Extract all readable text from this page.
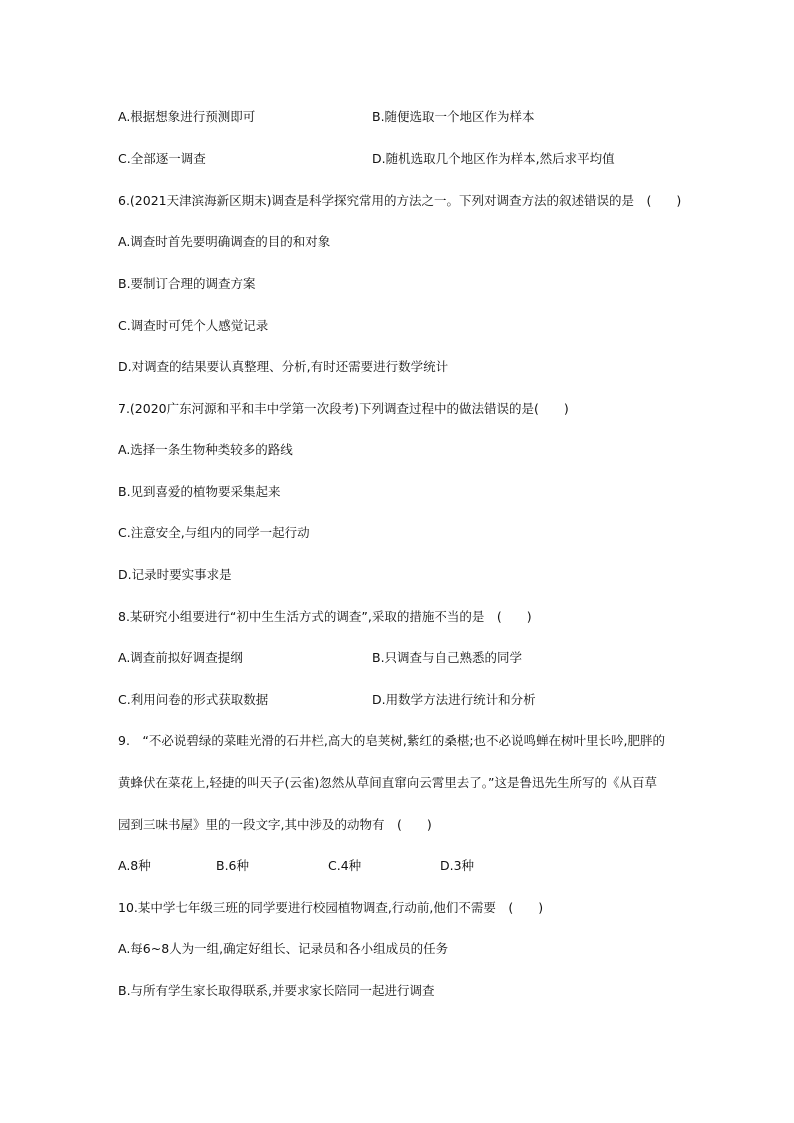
A.根据想象进行预测即可	B.随便选取一个地区作为样本
C.全部逐一调查	D.随机选取几个地区作为样本,然后求平均值
6.(2021天津滨海新区期末)调查是科学探究常用的方法之一。下列对调查方法的叙述错误的是　(　　)
A.调查时首先要明确调查的目的和对象
B.要制订合理的调查方案
C.调查时可凭个人感觉记录
D.对调查的结果要认真整理、分析,有时还需要进行数学统计
7.(2020广东河源和平和丰中学第一次段考)下列调查过程中的做法错误的是(　　)
A.选择一条生物种类较多的路线
B.见到喜爱的植物要采集起来
C.注意安全,与组内的同学一起行动
D.记录时要实事求是
8.某研究小组要进行“初中生生活方式的调查”,采取的措施不当的是　(　　)
A.调查前拟好调查提纲	B.只调查与自己熟悉的同学
C.利用问卷的形式获取数据	D.用数学方法进行统计和分析
9.　“不必说碧绿的菜畦光滑的石井栏,高大的皂荚树,紫红的桑椹;也不必说鸣蝉在树叶里长吟,肥胖的
黄蜂伏在菜花上,轻捷的叫天子(云雀)忽然从草间直窜向云霄里去了。”这是鲁迅先生所写的《从百草
园到三味书屋》里的一段文字,其中涉及的动物有　(　　)
A.8种	B.6种	C.4种	D.3种
10.某中学七年级三班的同学要进行校园植物调查,行动前,他们不需要　(　　)
A.每6~8人为一组,确定好组长、记录员和各小组成员的任务
B.与所有学生家长取得联系,并要求家长陪同一起进行调查
